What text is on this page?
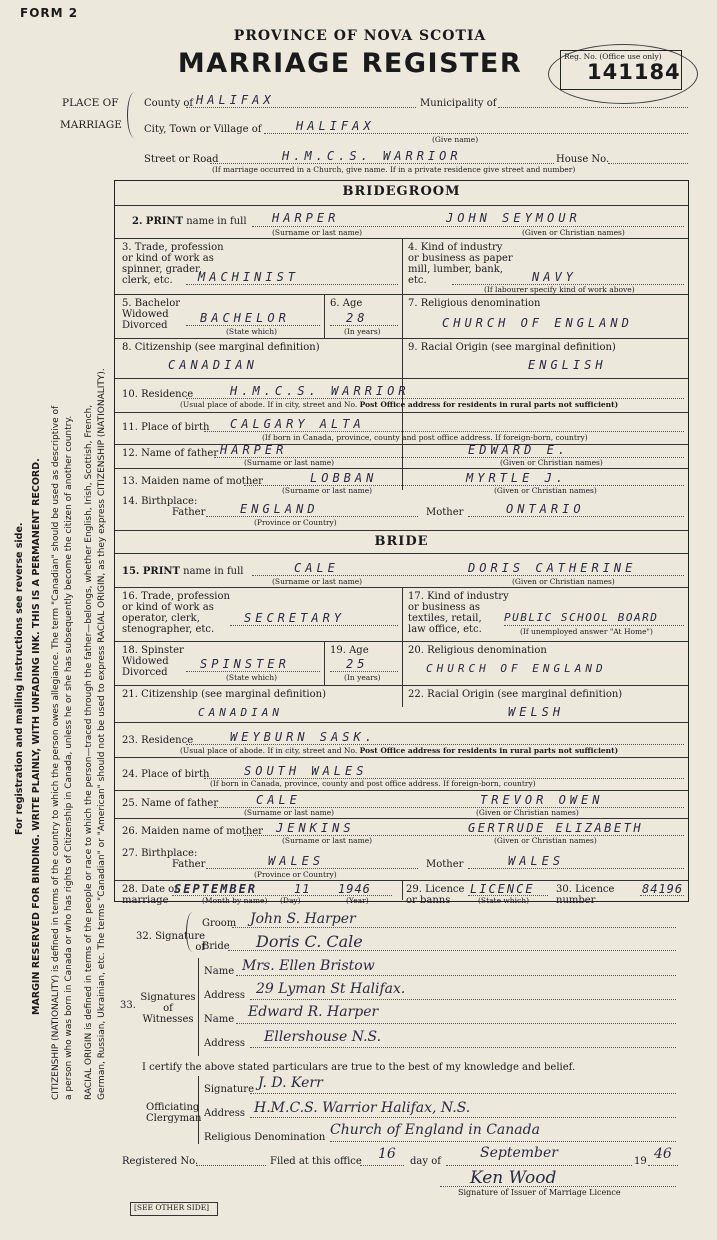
For registration and mailing instructions see reverse side. MARGIN RESERVED FOR BINDING. WRITE PLAINLY, WITH UNFADING INK. THIS IS A PERMANENT RECORD. CITIZENSHIP (NATIONALITY) is defined in terms of the country to which the person owes allegiance. The term "Canadian" should be used as descriptive of a person who was born in Canada or who has rights of Citizenship in Canada, unless he or she has subsequently become the citizen of another country. RACIAL ORIGIN is defined in terms of the people or race to which the person—traced through the father—belongs, whether English, Irish, Scottish, French, German, Russian, Ukrainian, etc. The terms "Canadian" or "American" should not be used to express RACIAL ORIGIN, as they express CITIZENSHIP (NATIONALITY).
FORM 2
PROVINCE OF NOVA SCOTIA
MARRIAGE REGISTER	Reg. No. (Office use only)
141184
PLACE OF
MARRIAGE
County of HALIFAX	Municipality of
City, Town or Village of	HALIFAX
(Give name)
Street or Road	H.M.C.S. WARRIOR	House No.
(If marriage occurred in a Church, give name. If in a private residence give street and number)
BRIDEGROOM
2. PRINT name in full HARPER	JOHN SEYMOUR
(Surname or last name)	(Given or Christian names)
3. Trade, profession
or kind of work as
spinner, grader,
clerk, etc.	MACHINIST
4. Kind of industry
or business as paper
mill, lumber, bank,
etc.	NAVY
(If labourer specify kind of work above)
5. Bachelor
Widowed
Divorced
BACHELOR
(State which)
6. Age
28
(In years)
7. Religious denomination
CHURCH OF ENGLAND
8. Citizenship (see marginal definition)
CANADIAN
9. Racial Origin (see marginal definition)
ENGLISH
10. Residence	H.M.C.S. WARRIOR
(Usual place of abode. If in city, street and No. Post Office address for residents in rural parts not sufficient)
11. Place of birth CALGARY ALTA
(If born in Canada, province, county and post office address. If foreign-born, country)
12. Name of father HARPER	EDWARD E.
(Surname or last name)	(Given or Christian names)
13. Maiden name of mother	LOBBAN	MYRTLE J.
(Surname or last name)	(Given or Christian names)
14. Birthplace:
Father	ENGLAND	Mother	ONTARIO
(Province or Country)
BRIDE
15. PRINT name in full	CALE	DORIS CATHERINE
(Surname or last name)	(Given or Christian names)
16. Trade, profession
or kind of work as
operator, clerk,
stenographer, etc.
SECRETARY
17. Kind of industry
or business as
textiles, retail,
law office, etc.
PUBLIC SCHOOL BOARD
(If unemployed answer "At Home")
18. Spinster
Widowed
Divorced
SPINSTER
(State which)
19. Age
25
(In years)
20. Religious denomination
CHURCH OF ENGLAND
21. Citizenship (see marginal definition)
CANADIAN
22. Racial Origin (see marginal definition)
WELSH
23. Residence	WEYBURN SASK.
(Usual place of abode. If in city, street and No. Post Office address for residents in rural parts not sufficient)
24. Place of birth	SOUTH WALES
(If born in Canada, province, county and post office address. If foreign-born, country)
25. Name of father	CALE	TREVOR OWEN
(Surname or last name)	(Given or Christian names)
26. Maiden name of mother JENKINS	GERTRUDE ELIZABETH
(Surname or last name)	(Given or Christian names)
27. Birthplace:
Father	WALES	Mother	WALES
(Province or Country)
28. Date of
marriage
SEPTEMBER	11 1946
(Month by name) (Day)	(Year)
29. Licence
or banns
LICENCE
(State which)
30. Licence
number
84196
32. Signature
of
Groom John S. Harper
Bride Doris C. Cale
33.
Signatures
of
Witnesses
Name Mrs. Ellen Bristow
Address 29 Lyman St Halifax.
Name Edward R. Harper
Address Ellershouse N.S.
I certify the above stated particulars are true to the best of my knowledge and belief.
Officiating
Clergyman
Signature J. D. Kerr
Address H.M.C.S. Warrior Halifax, N.S.
Religious Denomination Church of England in Canada
Registered No.	Filed at this office 16 day of
September
19 46
Ken Wood
Signature of Issuer of Marriage Licence
[SEE OTHER SIDE]
